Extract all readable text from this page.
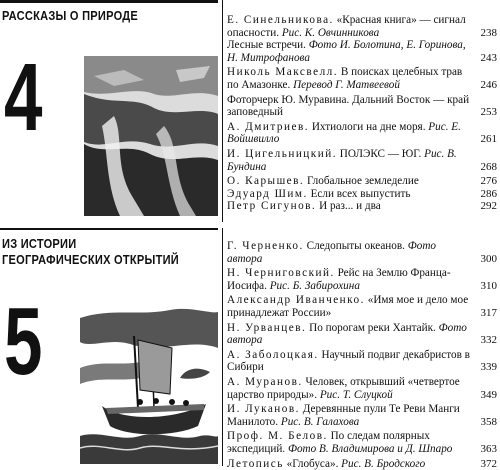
РАССКАЗЫ О ПРИРОДЕ
4
Е. Синельникова. «Красная книга» — сигнал опасности. Рис. К. Овчинникова	238
Лесные встречи. Фото И. Болотина, Е. Горинова, Н. Митрофанова	243
Николь Максвелл. В поисках целебных трав по Амазонке. Перевод Г. Матвеевой	246
Фоторчерк Ю. Муравина. Дальний Восток — край заповедный	253
А. Дмитриев. Ихтиологи на дне моря. Рис. Е. Войшвилло	261
И. Цигельницкий. ПОЛЭКС — ЮГ. Рис. В. Бундина	268
О. Карышев. Глобальное земледелие	276
Эдуард Шим. Если всех выпустить	286
Петр Сигунов. И раз... и два	292
ИЗ ИСТОРИИ
ГЕОГРАФИЧЕСКИХ ОТКРЫТИЙ
5
Г. Черненко. Следопыты океанов. Фото автора	300
Н. Черниговский. Рейс на Землю Франца-Иосифа. Рис. Б. Забирохина	310
Александр Иванченко. «Имя мое и дело мое принадлежат России»	317
Н. Урванцев. По порогам реки Хантайк. Фото автора	332
А. Заболоцкая. Научный подвиг декабристов в Сибири	339
А. Муранов. Человек, открывший «четвертое царство природы». Рис. Т. Слуцкой	349
И. Луканов. Деревянные пули Те Реви Манги Манилото. Рис. В. Галахова	358
Проф. М. Белов. По следам полярных экспедиций. Фото В. Владимирова и Д. Шпаро	363
Летопись «Глобуса». Рис. В. Бродского	372
